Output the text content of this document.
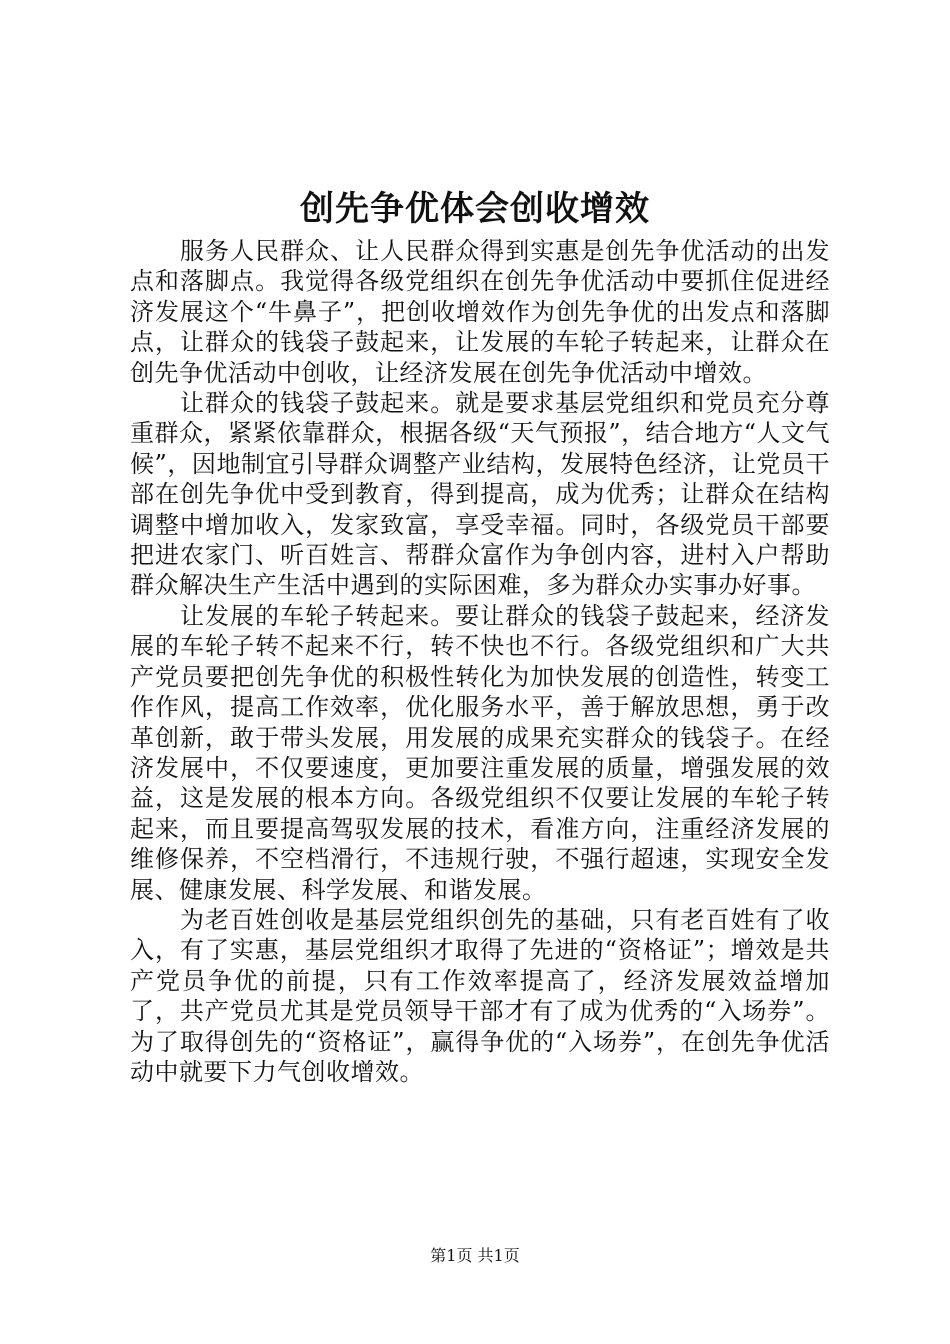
创先争优体会创收增效

服务人民群众、让人民群众得到实惠是创先争优活动的出发点和落脚点。我觉得各级党组织在创先争优活动中要抓住促进经济发展这个“牛鼻子”，把创收增效作为创先争优的出发点和落脚点，让群众的钱袋子鼓起来，让发展的车轮子转起来，让群众在创先争优活动中创收，让经济发展在创先争优活动中增效。

让群众的钱袋子鼓起来。就是要求基层党组织和党员充分尊重群众，紧紧依靠群众，根据各级“天气预报”，结合地方“人文气候”，因地制宜引导群众调整产业结构，发展特色经济，让党员干部在创先争优中受到教育，得到提高，成为优秀；让群众在结构调整中增加收入，发家致富，享受幸福。同时，各级党员干部要把进农家门、听百姓言、帮群众富作为争创内容，进村入户帮助群众解决生产生活中遇到的实际困难，多为群众办实事办好事。

让发展的车轮子转起来。要让群众的钱袋子鼓起来，经济发展的车轮子转不起来不行，转不快也不行。各级党组织和广大共产党员要把创先争优的积极性转化为加快发展的创造性，转变工作作风，提高工作效率，优化服务水平，善于解放思想，勇于改革创新，敢于带头发展，用发展的成果充实群众的钱袋子。在经济发展中，不仅要速度，更加要注重发展的质量，增强发展的效益，这是发展的根本方向。各级党组织不仅要让发展的车轮子转起来，而且要提高驾驭发展的技术，看准方向，注重经济发展的维修保养，不空档滑行，不违规行驶，不强行超速，实现安全发展、健康发展、科学发展、和谐发展。

为老百姓创收是基层党组织创先的基础，只有老百姓有了收入，有了实惠，基层党组织才取得了先进的“资格证”；增效是共产党员争优的前提，只有工作效率提高了，经济发展效益增加了，共产党员尤其是党员领导干部才有了成为优秀的“入场券”。为了取得创先的“资格证”，赢得争优的“入场券”，在创先争优活动中就要下力气创收增效。

第1页 共1页
